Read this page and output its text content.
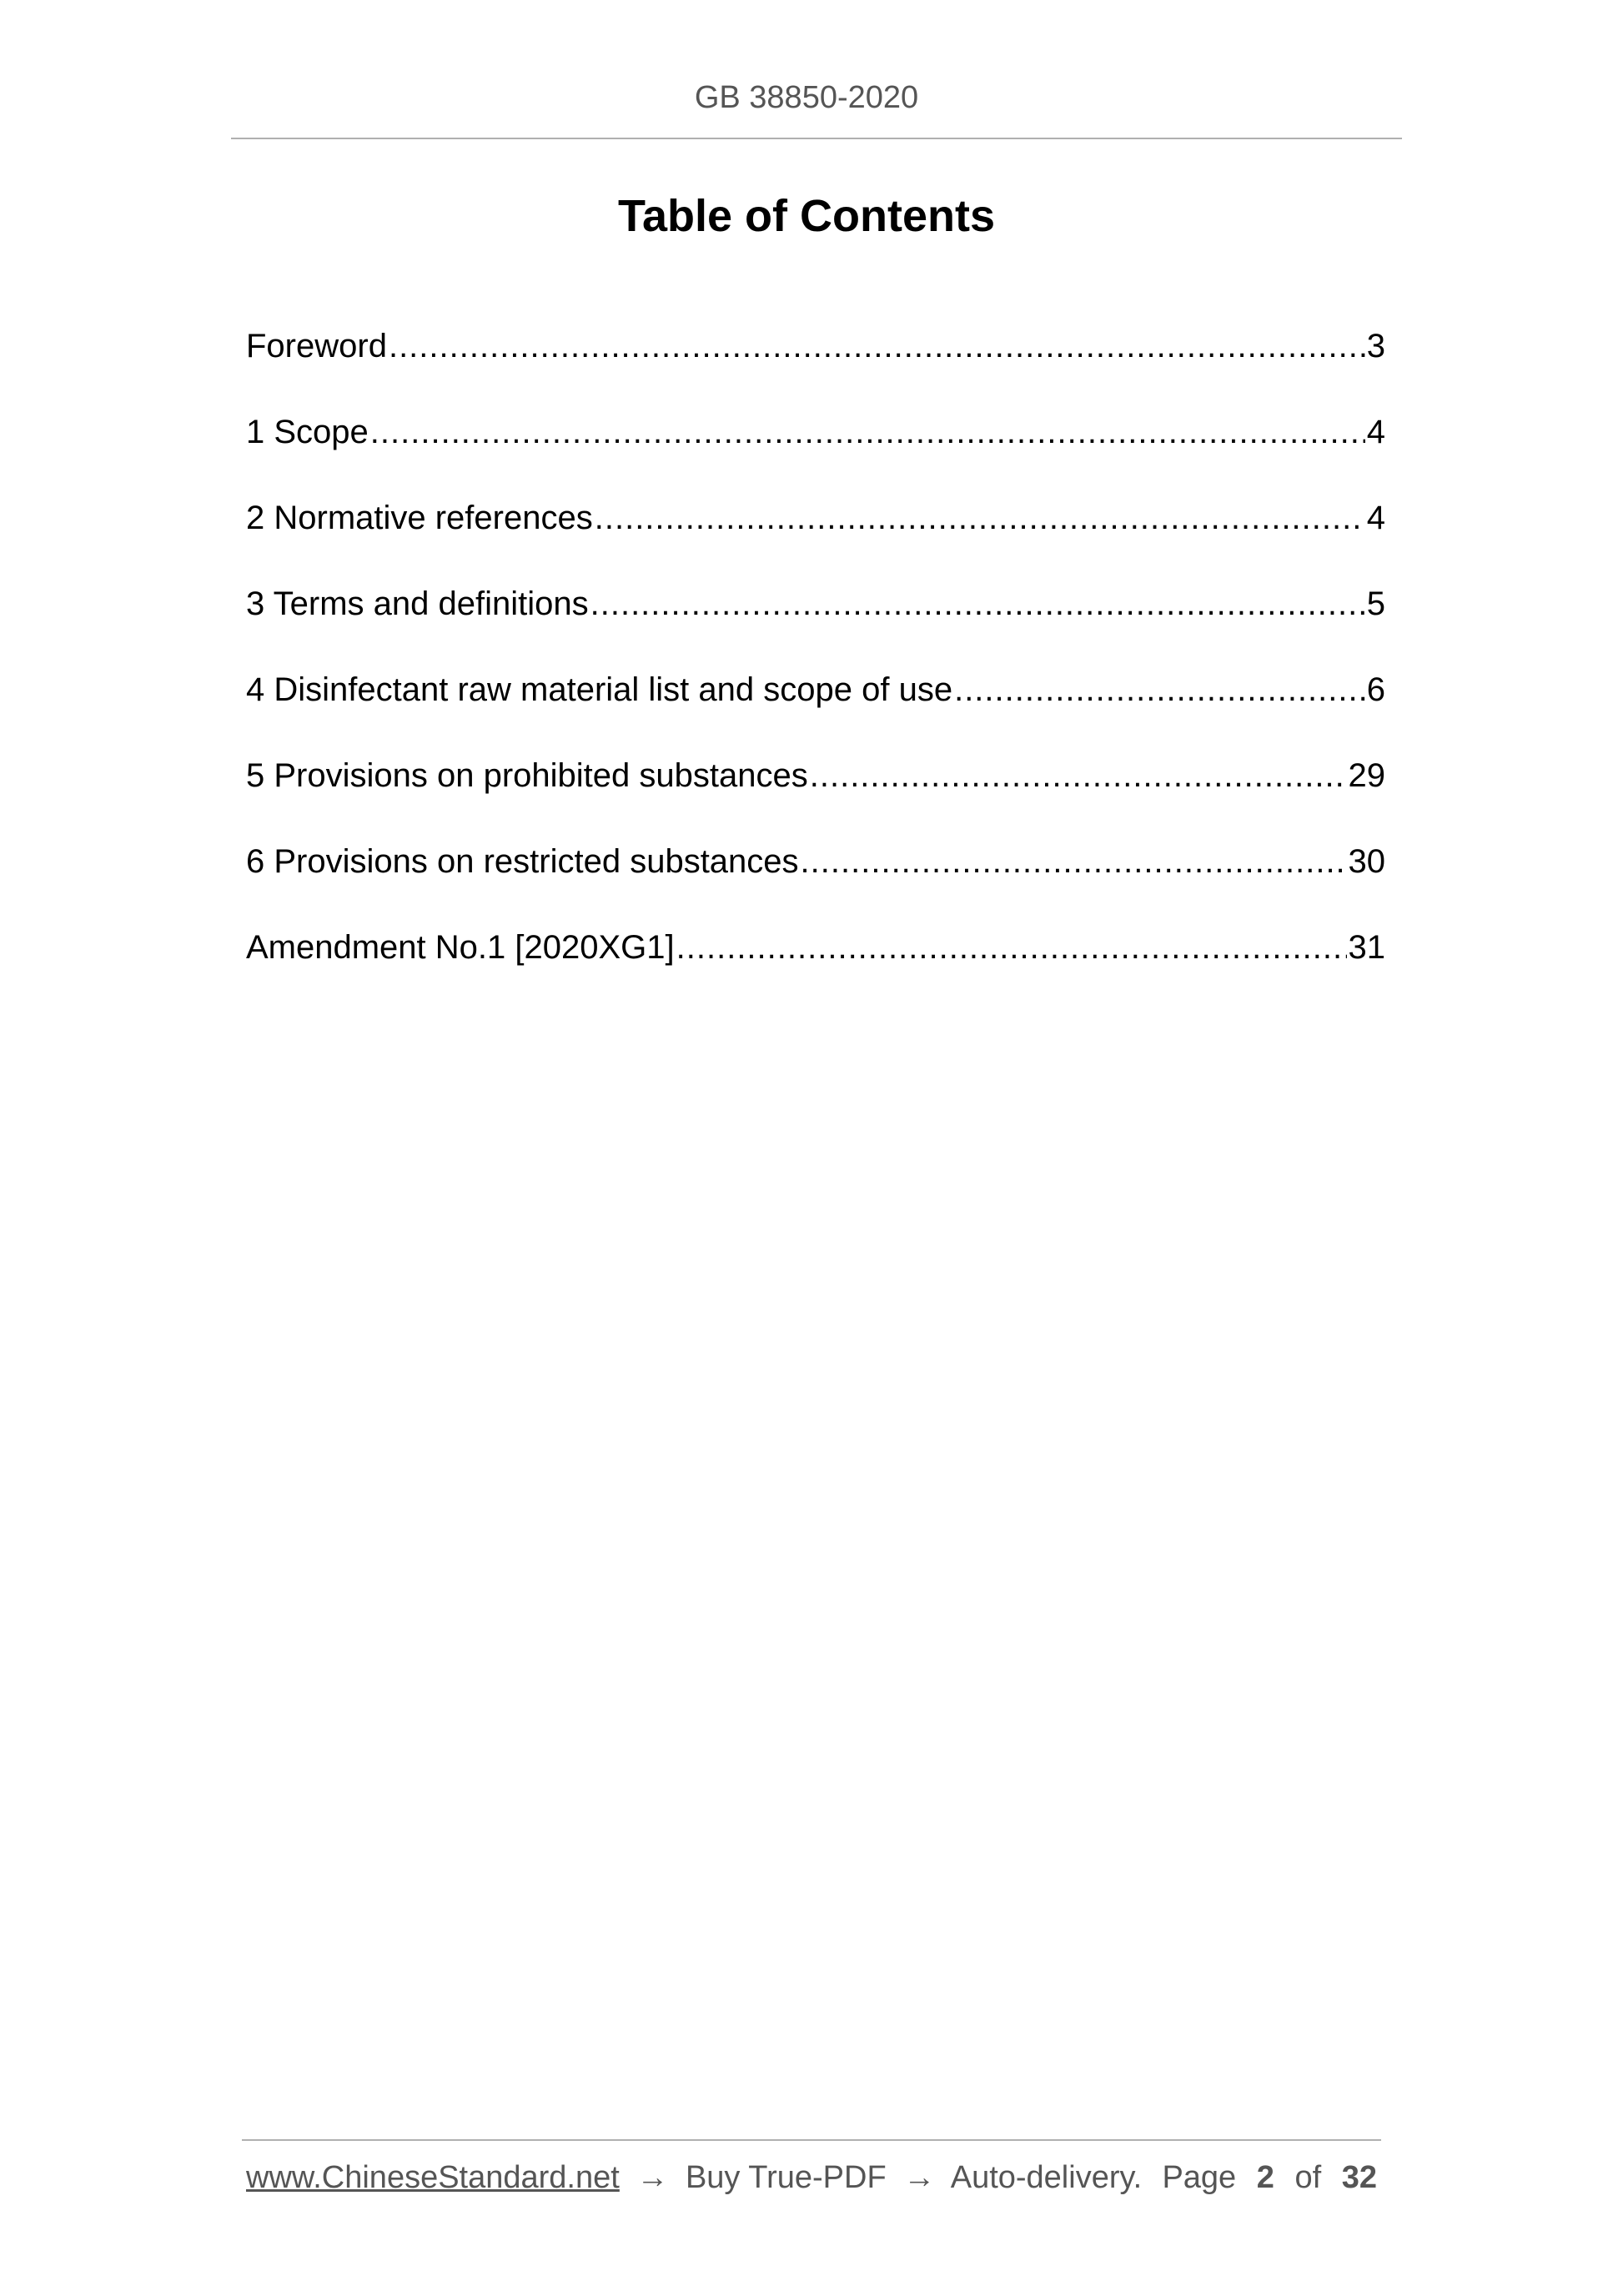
GB 38850-2020
Table of Contents
Foreword .....	3
1 Scope .....	4
2 Normative references .....	4
3 Terms and definitions .....	5
4 Disinfectant raw material list and scope of use .....	6
5 Provisions on prohibited substances .....	29
6 Provisions on restricted substances .....	30
Amendment No.1 [2020XG1] .....	31
www.ChineseStandard.net → Buy True-PDF → Auto-delivery. Page 2 of 32
